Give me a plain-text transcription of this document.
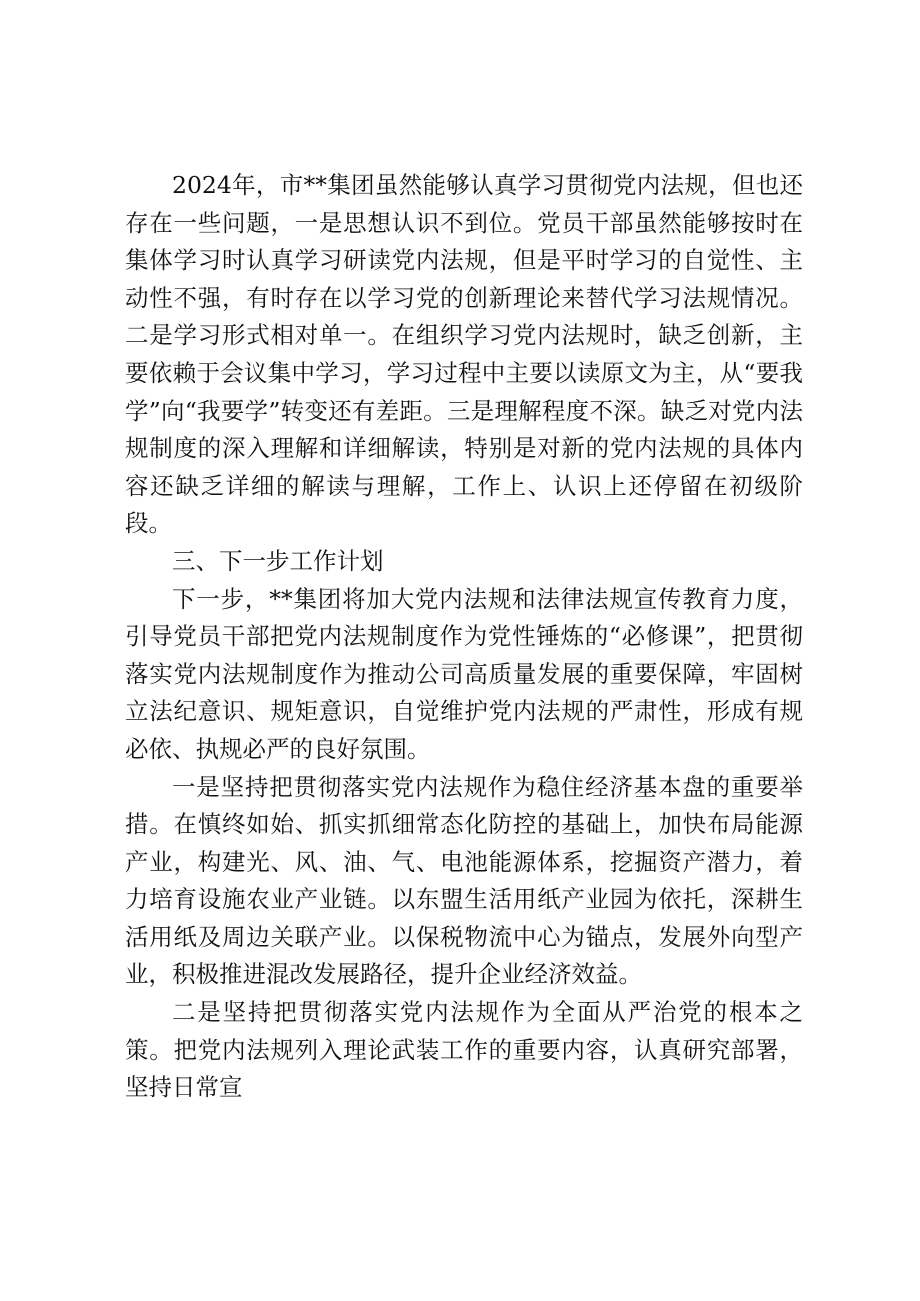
2024年，市**集团虽然能够认真学习贯彻党内法规，但也还存在一些问题，一是思想认识不到位。党员干部虽然能够按时在集体学习时认真学习研读党内法规，但是平时学习的自觉性、主动性不强，有时存在以学习党的创新理论来替代学习法规情况。二是学习形式相对单一。在组织学习党内法规时，缺乏创新，主要依赖于会议集中学习，学习过程中主要以读原文为主，从“要我学”向“我要学”转变还有差距。三是理解程度不深。缺乏对党内法规制度的深入理解和详细解读，特别是对新的党内法规的具体内容还缺乏详细的解读与理解，工作上、认识上还停留在初级阶段。

三、下一步工作计划

下一步，**集团将加大党内法规和法律法规宣传教育力度，引导党员干部把党内法规制度作为党性锤炼的“必修课”，把贯彻落实党内法规制度作为推动公司高质量发展的重要保障，牢固树立法纪意识、规矩意识，自觉维护党内法规的严肃性，形成有规必依、执规必严的良好氛围。

一是坚持把贯彻落实党内法规作为稳住经济基本盘的重要举措。在慎终如始、抓实抓细常态化防控的基础上，加快布局能源产业，构建光、风、油、气、电池能源体系，挖掘资产潜力，着力培育设施农业产业链。以东盟生活用纸产业园为依托，深耕生活用纸及周边关联产业。以保税物流中心为锚点，发展外向型产业，积极推进混改发展路径，提升企业经济效益。

二是坚持把贯彻落实党内法规作为全面从严治党的根本之策。把党内法规列入理论武装工作的重要内容，认真研究部署，坚持日常宣
